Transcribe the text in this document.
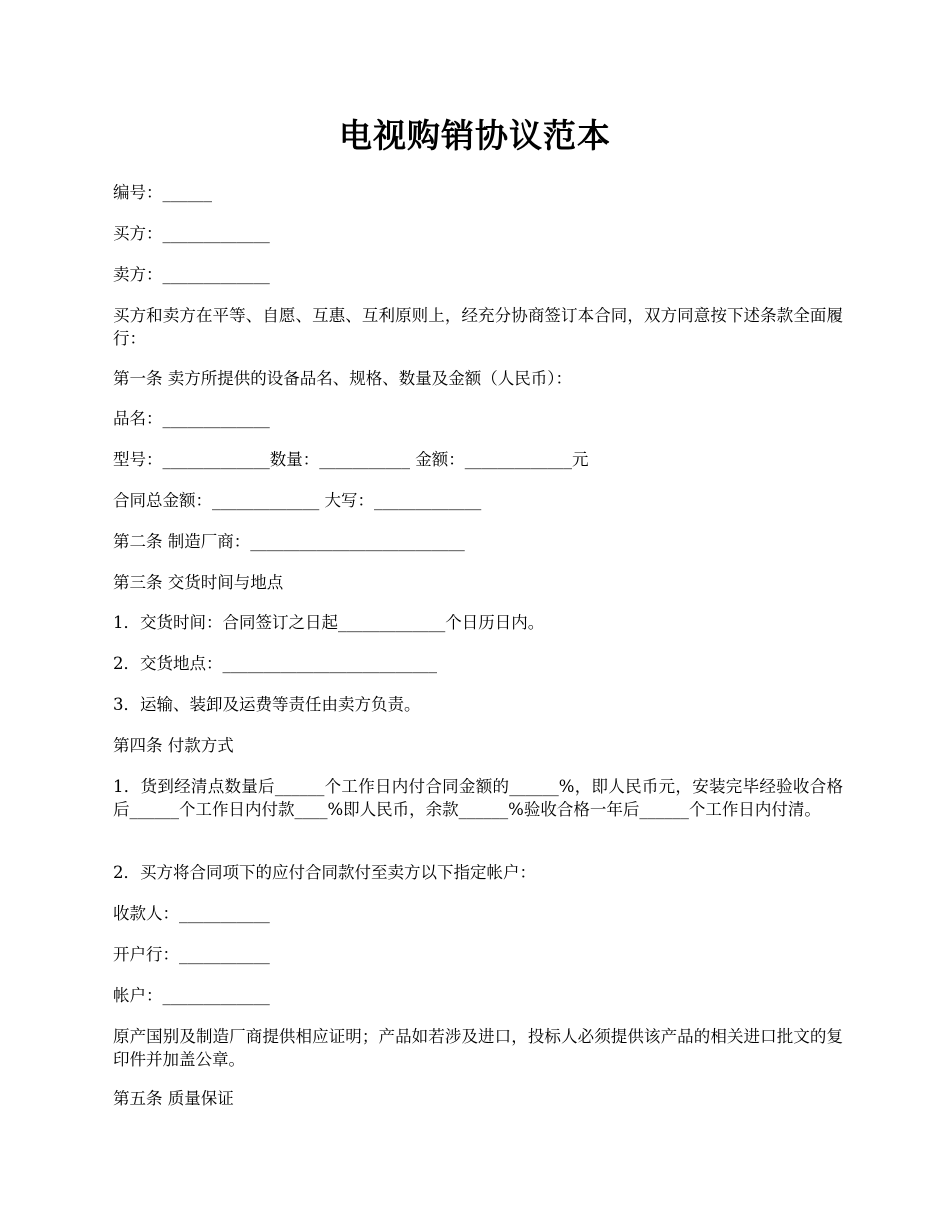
电视购销协议范本
编号：______
买方：_____________
卖方：_____________
买方和卖方在平等、自愿、互惠、互利原则上，经充分协商签订本合同，双方同意按下述条款全面履行：
第一条 卖方所提供的设备品名、规格、数量及金额（人民币）：
品名：_____________
型号：_____________数量：___________ 金额：_____________元
合同总金额：_____________ 大写：_____________
第二条 制造厂商：__________________________
第三条 交货时间与地点
1．交货时间：合同签订之日起_____________个日历日内。
2．交货地点：__________________________
3．运输、装卸及运费等责任由卖方负责。
第四条 付款方式
1．货到经清点数量后______个工作日内付合同金额的______%，即人民币元，安装完毕经验收合格后______个工作日内付款____%即人民币，余款______%验收合格一年后______个工作日内付清。
2．买方将合同项下的应付合同款付至卖方以下指定帐户：
收款人：___________
开户行：___________
帐户：_____________
原产国别及制造厂商提供相应证明；产品如若涉及进口，投标人必须提供该产品的相关进口批文的复印件并加盖公章。
第五条 质量保证
